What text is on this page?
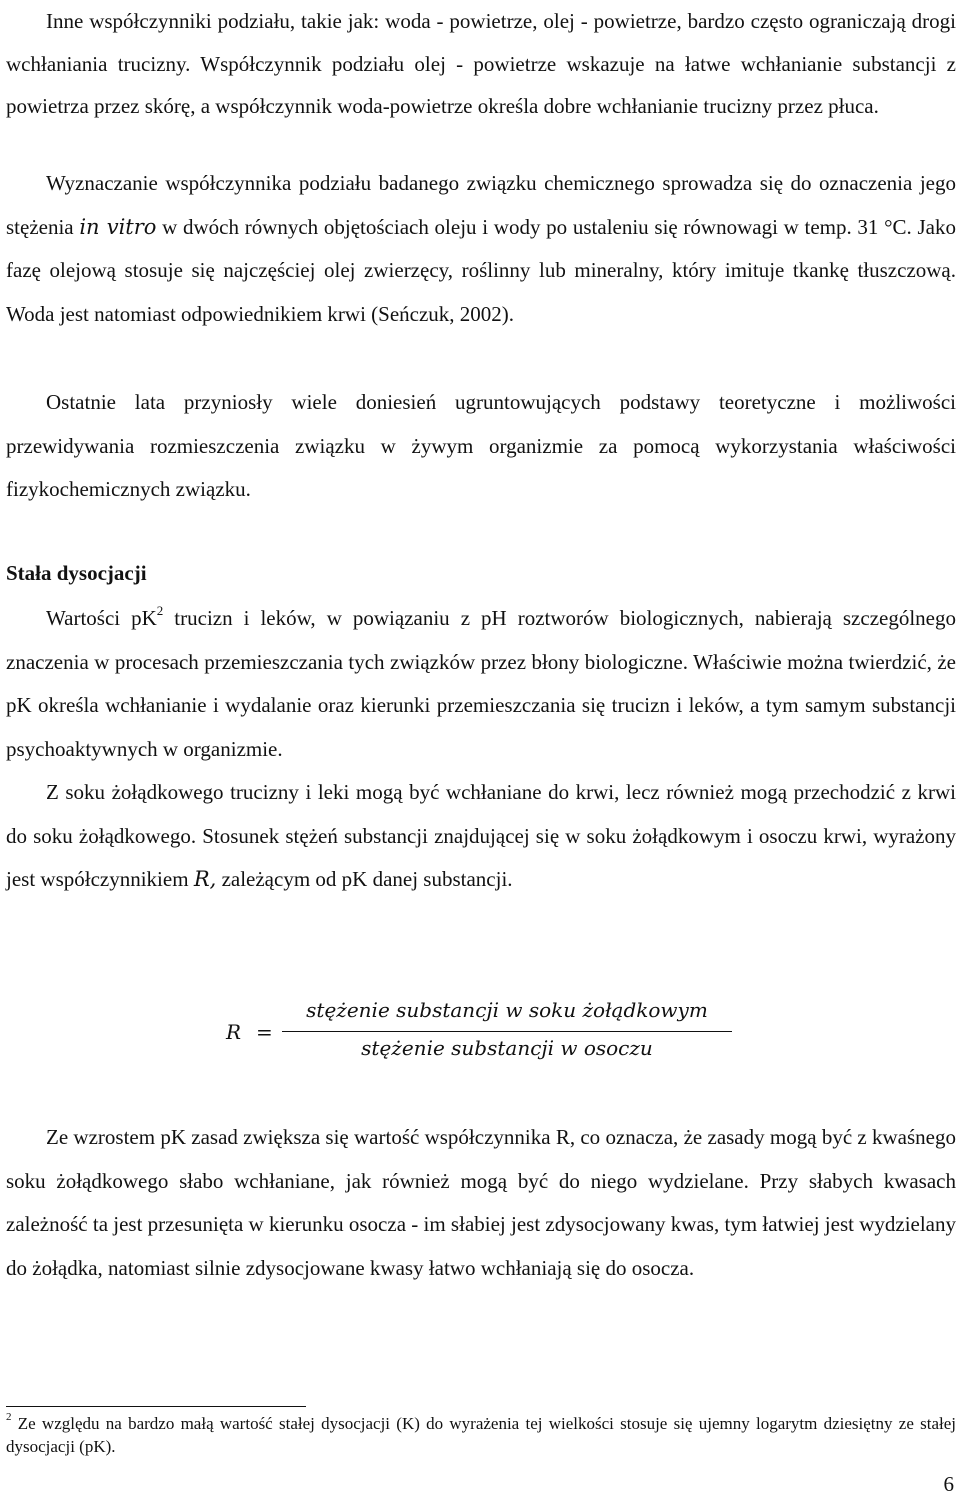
Inne współczynniki podziału, takie jak: woda - powietrze, olej - powietrze, bardzo często ograniczają drogi wchłaniania trucizny. Współczynnik podziału olej - powietrze wskazuje na łatwe wchłanianie substancji z powietrza przez skórę, a współczynnik woda-powietrze określa dobre wchłanianie trucizny przez płuca.

Wyznaczanie współczynnika podziału badanego związku chemicznego sprowadza się do oznaczenia jego stężenia in vitro w dwóch równych objętościach oleju i wody po ustaleniu się równowagi w temp. 31 °C. Jako fazę olejową stosuje się najczęściej olej zwierzęcy, roślinny lub mineralny, który imituje tkankę tłuszczową. Woda jest natomiast odpowiednikiem krwi (Seńczuk, 2002).

Ostatnie lata przyniosły wiele doniesień ugruntowujących podstawy teoretyczne i możliwości przewidywania rozmieszczenia związku w żywym organizmie za pomocą wykorzystania właściwości fizykochemicznych związku.

Stała dysocjacji

Wartości $pK^2$ trucizn i leków, w powiązaniu z pH roztworów biologicznych, nabierają szczególnego znaczenia w procesach przemieszczania tych związków przez błony biologiczne. Właściwie można twierdzić, że pK określa wchłanianie i wydalanie oraz kierunki przemieszczania się trucizn i leków, a tym samym substancji psychoaktywnych w organizmie.

Z soku żołądkowego trucizny i leki mogą być wchłaniane do krwi, lecz również mogą przechodzić z krwi do soku żołądkowego. Stosunek stężeń substancji znajdującej się w soku żołądkowym i osoczu krwi, wyrażony jest współczynnikiem R, zależącym od pK danej substancji.

R =
stężenie substancji w soku żołądkowym
stężenie substancji w osoczu

Ze wzrostem pK zasad zwiększa się wartość współczynnika R, co oznacza, że zasady mogą być z kwaśnego soku żołądkowego słabo wchłaniane, jak również mogą być do niego wydzielane. Przy słabych kwasach zależność ta jest przesunięta w kierunku osocza - im słabiej jest zdysocjowany kwas, tym łatwiej jest wydzielany do żołądka, natomiast silnie zdysocjowane kwasy łatwo wchłaniają się do osocza.

$^2$ Ze względu na bardzo małą wartość stałej dysocjacji (K) do wyrażenia tej wielkości stosuje się ujemny logarytm dziesiętny ze stałej dysocjacji (pK).

6
